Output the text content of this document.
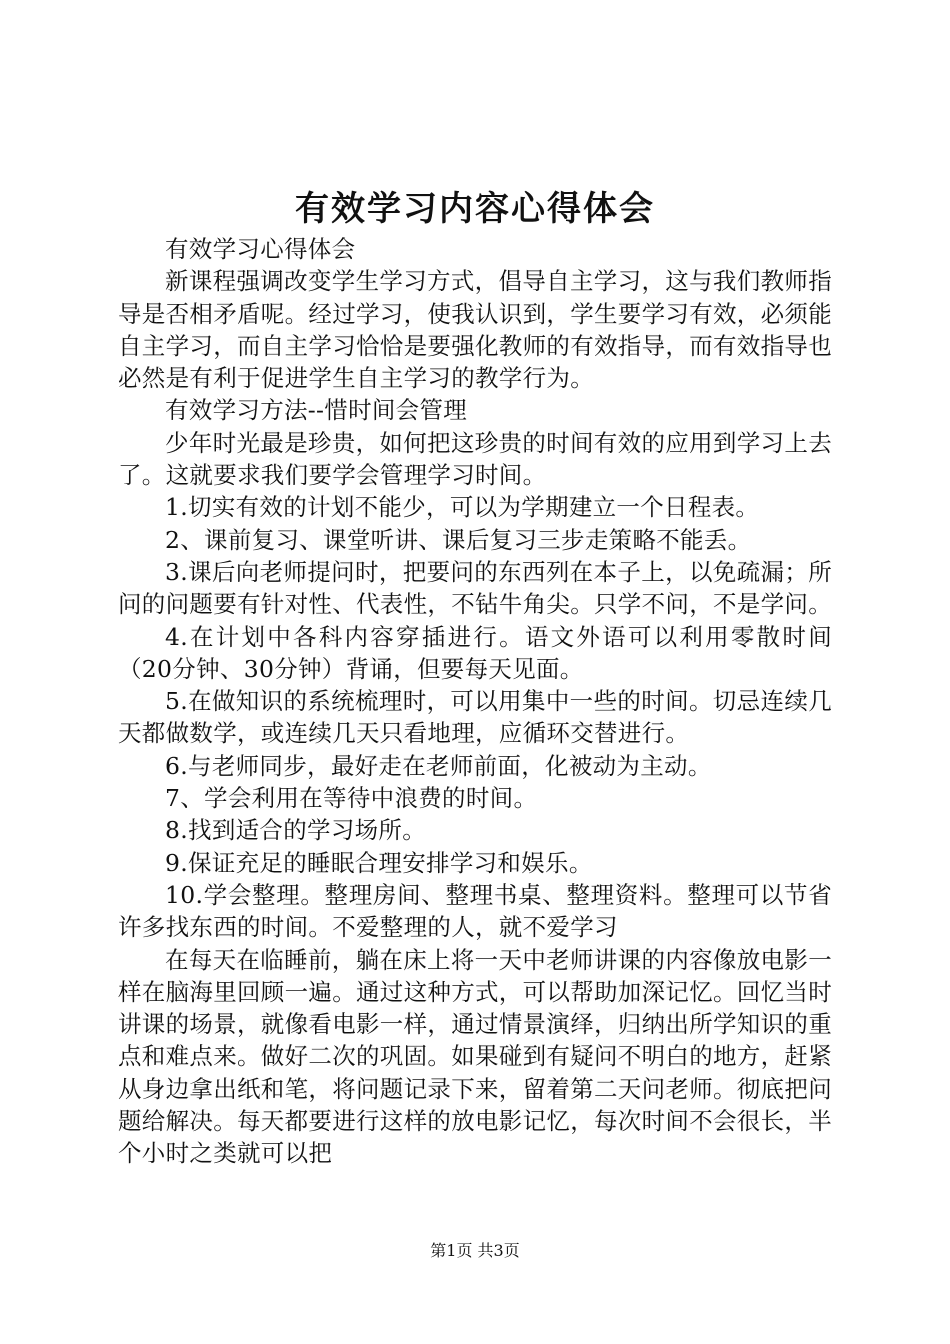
有效学习内容心得体会

有效学习心得体会

新课程强调改变学生学习方式，倡导自主学习，这与我们教师指导是否相矛盾呢。经过学习，使我认识到，学生要学习有效，必须能自主学习，而自主学习恰恰是要强化教师的有效指导，而有效指导也必然是有利于促进学生自主学习的教学行为。

有效学习方法--惜时间会管理

少年时光最是珍贵，如何把这珍贵的时间有效的应用到学习上去了。这就要求我们要学会管理学习时间。

1.切实有效的计划不能少，可以为学期建立一个日程表。

2、课前复习、课堂听讲、课后复习三步走策略不能丢。

3.课后向老师提问时，把要问的东西列在本子上，以免疏漏；所问的问题要有针对性、代表性，不钻牛角尖。只学不问，不是学问。

4.在计划中各科内容穿插进行。语文外语可以利用零散时间（20分钟、30分钟）背诵，但要每天见面。

5.在做知识的系统梳理时，可以用集中一些的时间。切忌连续几天都做数学，或连续几天只看地理，应循环交替进行。

6.与老师同步，最好走在老师前面，化被动为主动。

7、学会利用在等待中浪费的时间。

8.找到适合的学习场所。

9.保证充足的睡眠合理安排学习和娱乐。

10.学会整理。整理房间、整理书桌、整理资料。整理可以节省许多找东西的时间。不爱整理的人，就不爱学习

在每天在临睡前，躺在床上将一天中老师讲课的内容像放电影一样在脑海里回顾一遍。通过这种方式，可以帮助加深记忆。回忆当时讲课的场景，就像看电影一样，通过情景演绎，归纳出所学知识的重点和难点来。做好二次的巩固。如果碰到有疑问不明白的地方，赶紧从身边拿出纸和笔，将问题记录下来，留着第二天问老师。彻底把问题给解决。每天都要进行这样的放电影记忆，每次时间不会很长，半个小时之类就可以把

第1页 共3页
